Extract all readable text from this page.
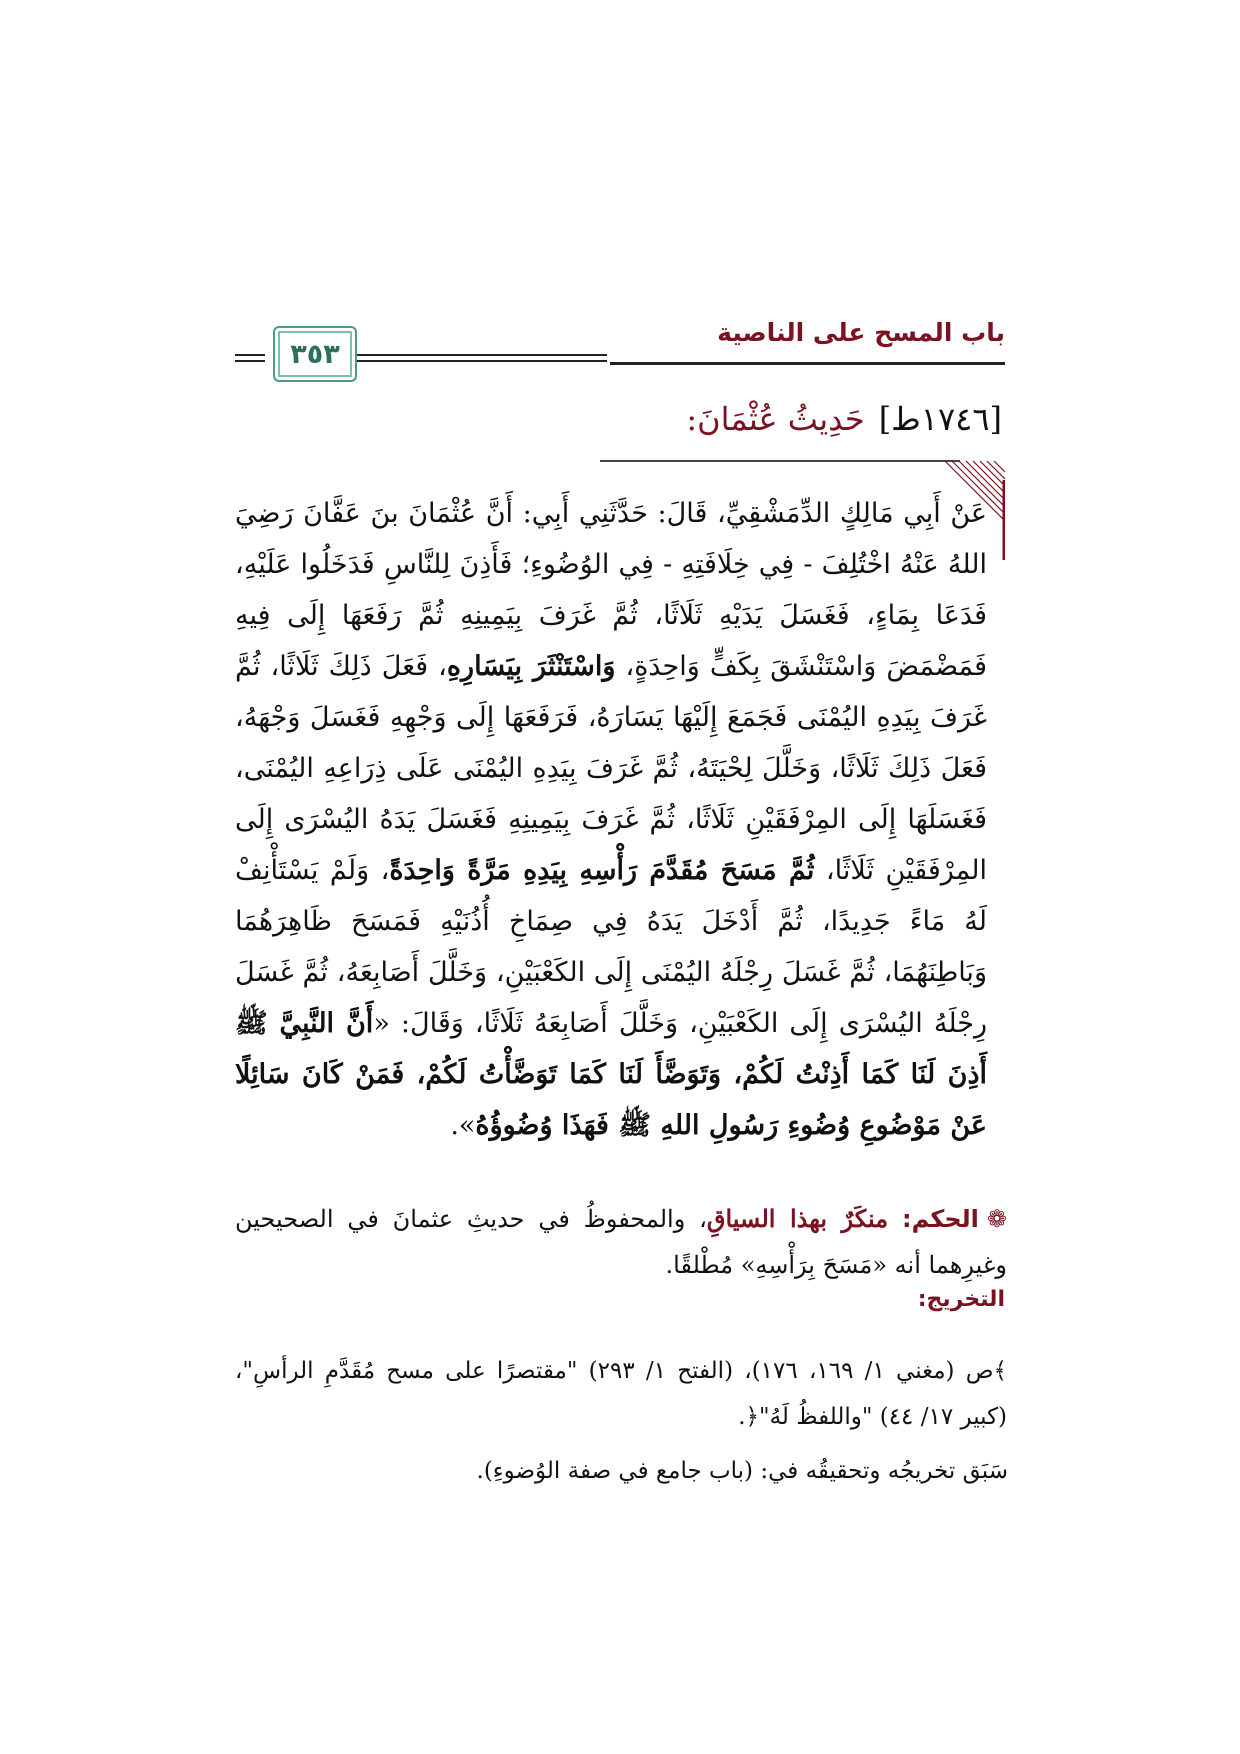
باب المسح على الناصية
٣٥٣
[١٧٤٦ط]حَدِيثُ عُثْمَانَ:
عَنْ أَبِي مَالِكٍ الدِّمَشْقِيِّ، قَالَ: حَدَّثَنِي أَبِي: أَنَّ عُثْمَانَ بنَ عَفَّانَ رَضِيَ اللهُ عَنْهُ اخْتُلِفَ - فِي خِلَافَتِهِ - فِي الوُضُوءِ؛ فَأَذِنَ لِلنَّاسِ فَدَخَلُوا عَلَيْهِ، فَدَعَا بِمَاءٍ، فَغَسَلَ يَدَيْهِ ثَلَاثًا، ثُمَّ غَرَفَ بِيَمِينِهِ ثُمَّ رَفَعَهَا إِلَى فِيهِ فَمَضْمَضَ وَاسْتَنْشَقَ بِكَفٍّ وَاحِدَةٍ، وَاسْتَنْثَرَ بِيَسَارِهِ، فَعَلَ ذَلِكَ ثَلَاثًا، ثُمَّ غَرَفَ بِيَدِهِ اليُمْنَى فَجَمَعَ إِلَيْهَا يَسَارَهُ، فَرَفَعَهَا إِلَى وَجْهِهِ فَغَسَلَ وَجْهَهُ، فَعَلَ ذَلِكَ ثَلَاثًا، وَخَلَّلَ لِحْيَتَهُ، ثُمَّ غَرَفَ بِيَدِهِ اليُمْنَى عَلَى ذِرَاعِهِ اليُمْنَى، فَغَسَلَهَا إِلَى المِرْفَقَيْنِ ثَلَاثًا، ثُمَّ غَرَفَ بِيَمِينِهِ فَغَسَلَ يَدَهُ اليُسْرَى إِلَى المِرْفَقَيْنِ ثَلَاثًا، ثُمَّ مَسَحَ مُقَدَّمَ رَأْسِهِ بِيَدِهِ مَرَّةً وَاحِدَةً، وَلَمْ يَسْتَأْنِفْ لَهُ مَاءً جَدِيدًا، ثُمَّ أَدْخَلَ يَدَهُ فِي صِمَاخِ أُذُنَيْهِ فَمَسَحَ ظَاهِرَهُمَا وَبَاطِنَهُمَا، ثُمَّ غَسَلَ رِجْلَهُ اليُمْنَى إِلَى الكَعْبَيْنِ، وَخَلَّلَ أَصَابِعَهُ، ثُمَّ غَسَلَ رِجْلَهُ اليُسْرَى إِلَى الكَعْبَيْنِ، وَخَلَّلَ أَصَابِعَهُ ثَلَاثًا، وَقَالَ: «أَنَّ النَّبِيَّ ﷺ أَذِنَ لَنَا كَمَا أَذِنْتُ لَكُمْ، وَتَوَضَّأَ لَنَا كَمَا تَوَضَّأْتُ لَكُمْ، فَمَنْ كَانَ سَائِلًا عَنْ مَوْضُوعِ وُضُوءِ رَسُولِ اللهِ ﷺ فَهَذَا وُضُوؤُهُ».
❁الحكم: منكَرٌ بهذا السياقِ، والمحفوظُ في حديثِ عثمانَ في الصحيحين وغيرِهما أنه «مَسَحَ بِرَأْسِهِ» مُطْلقًا.
التخريج:
﴾ص (مغني ١/ ١٦٩، ١٧٦)، (الفتح ١/ ٢٩٣) "مقتصرًا على مسح مُقَدَّمِ الرأسِ"، (كبير ١٧/ ٤٤) "واللفظُ لَهُ"﴿.
سَبَق تخريجُه وتحقيقُه في: (باب جامع في صفة الوُضوءِ).
